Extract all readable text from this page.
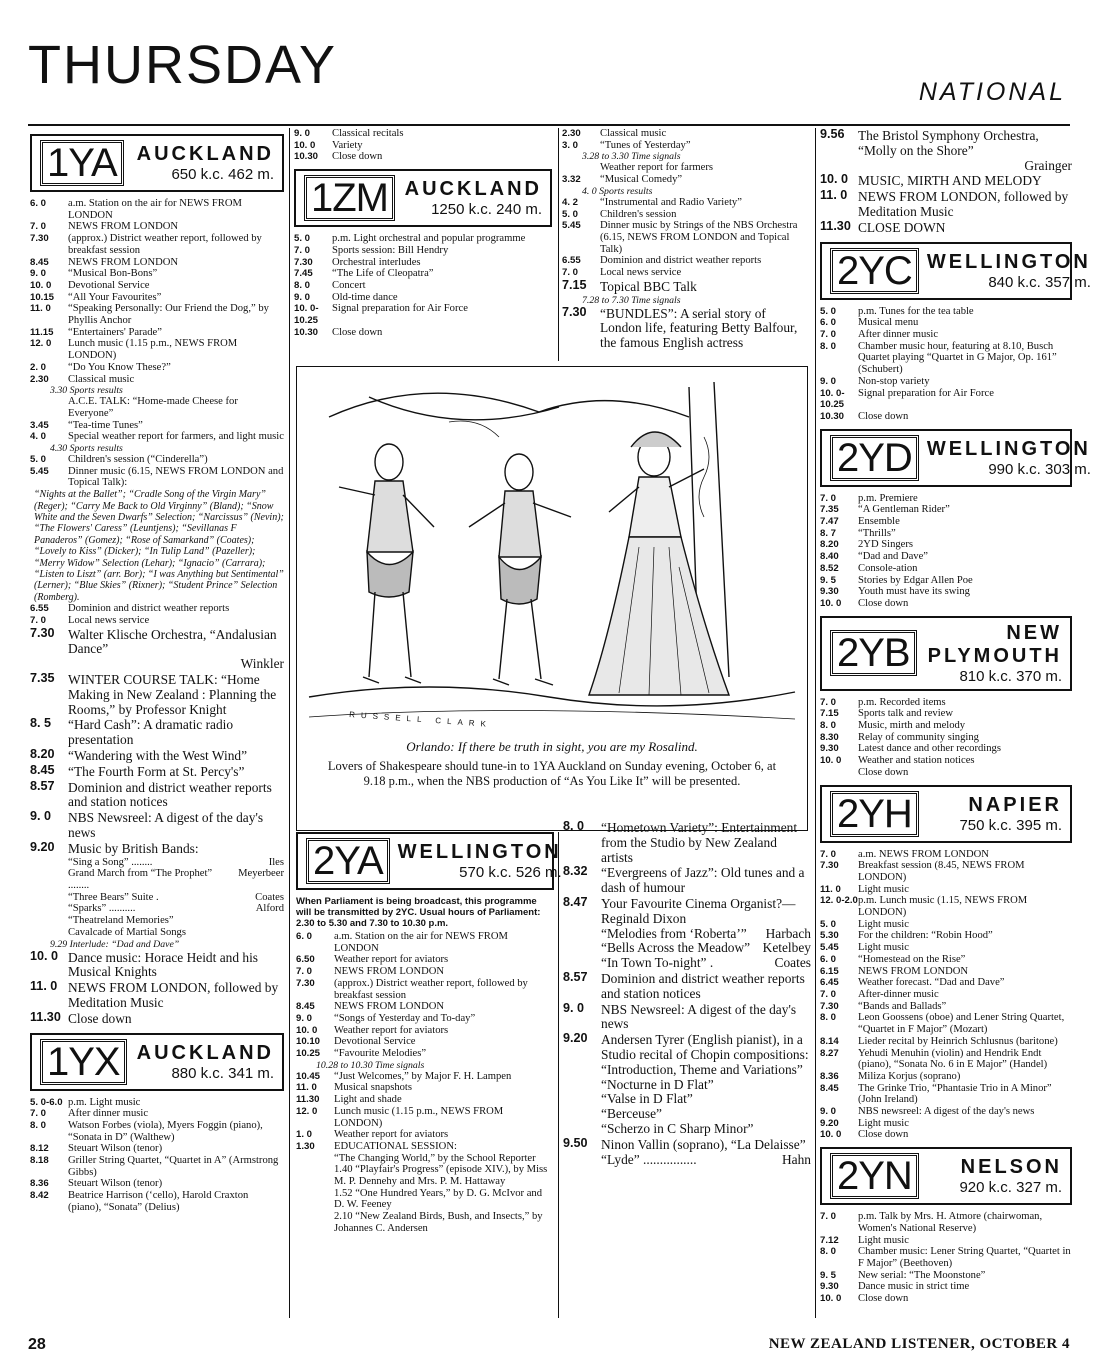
THURSDAY	NATIONAL
1YA	AUCKLAND
650 k.c. 462 m.
6. 0	a.m. Station on the air for NEWS FROM LONDON
7. 0	NEWS FROM LONDON
7.30	(approx.) District weather report, followed by breakfast session
8.45	NEWS FROM LONDON
9. 0	“Musical Bon-Bons”
10. 0	Devotional Service
10.15	“All Your Favourites”
11. 0	“Speaking Personally: Our Friend the Dog,” by Phyllis Anchor
11.15	“Entertainers' Parade”
12. 0	Lunch music (1.15 p.m., NEWS FROM LONDON)
2. 0	“Do You Know These?”
2.30	Classical music
3.30 Sports results
A.C.E. TALK: “Home-made Cheese for Everyone”
3.45	“Tea-time Tunes”
4. 0	Special weather report for farmers, and light music
4.30 Sports results
5. 0	Children's session (“Cinderella”)
5.45	Dinner music (6.15, NEWS FROM LONDON and Topical Talk):
“Nights at the Ballet”; “Cradle Song of the Virgin Mary” (Reger); “Carry Me Back to Old Virginny” (Bland); “Snow White and the Seven Dwarfs” Selection; “Narcissus” (Nevin); “The Flowers' Caress” (Leuntjens); “Sevillanas F Panaderos” (Gomez); “Rose of Samarkand” (Coates); “Lovely to Kiss” (Dicker); “In Tulip Land” (Pazeller); “Merry Widow” Selection (Lehar); “Ignacio” (Carrara); “Listen to Liszt” (arr. Bor); “I was Anything but Sentimental” (Lerner); “Blue Skies” (Rixner); “Student Prince” Selection (Romberg).
6.55	Dominion and district weather reports
7. 0	Local news service
7.30	Walter Klische Orchestra, “Andalusian Dance”
Winkler
7.35	WINTER COURSE TALK: “Home Making in New Zealand : Planning the Rooms,” by Professor Knight
8. 5	“Hard Cash”: A dramatic radio presentation
8.20	“Wandering with the West Wind”
8.45	“The Fourth Form at St. Percy's”
8.57	Dominion and district weather reports and station notices
9. 0	NBS Newsreel: A digest of the day's news
9.20	Music by British Bands:
“Sing a Song” ........	Iles
Grand March from “The Prophet” ........
Meyerbeer
“Three Bears” Suite .	Coates
“Sparks” ..........	Alford
“Theatreland Memories”
Cavalcade of Martial Songs
9.29 Interlude: “Dad and Dave”
10. 0 Dance music: Horace Heidt and his Musical Knights
11. 0 NEWS FROM LONDON, followed by Meditation Music
11.30 Close down
1YX AUCKLAND
880 k.c. 341 m.
5. 0-6.0 p.m. Light music
7. 0	After dinner music
8. 0	Watson Forbes (viola), Myers Foggin (piano), “Sonata in D” (Walthew)
8.12	Steuart Wilson (tenor)
8.18	Griller String Quartet, “Quartet in A” (Armstrong Gibbs)
8.36	Steuart Wilson (tenor)
8.42	Beatrice Harrison (‘cello), Harold Craxton (piano), “Sonata” (Delius)
9. 0	Classical recitals
10. 0	Variety
10.30	Close down
1ZM AUCKLAND
1250 k.c. 240 m.
5. 0	p.m. Light orchestral and popular programme
7. 0	Sports session: Bill Hendry
7.30	Orchestral interludes
7.45	“The Life of Cleopatra”
8. 0	Concert
9. 0	Old-time dance
10. 0-10.25
Signal preparation for Air Force
10.30	Close down
2.30	Classical music
3. 0	“Tunes of Yesterday”
3.28 to 3.30 Time signals
Weather report for farmers
3.32	“Musical Comedy”
4. 0 Sports results
4. 2	“Instrumental and Radio Variety”
5. 0	Children's session
5.45	Dinner music by Strings of the NBS Orchestra (6.15, NEWS FROM LONDON and Topical Talk)
6.55	Dominion and district weather reports
7. 0	Local news service
7.15	Topical BBC Talk
7.28 to 7.30 Time signals
7.30	“BUNDLES”: A serial story of London life, featuring Betty Balfour, the famous English actress
RUSSELL CLARK
Orlando: If there be truth in sight, you are my Rosalind.
Lovers of Shakespeare should tune-in to 1YA Auckland on Sunday evening, October 6, at 9.18 p.m., when the NBS production of “As You Like It” will be presented.
2YA WELLINGTON
570 k.c. 526 m.
When Parliament is being broadcast, this programme will be transmitted by 2YC. Usual hours of Parliament: 2.30 to 5.30 and 7.30 to 10.30 p.m.
6. 0	a.m. Station on the air for NEWS FROM LONDON
6.50	Weather report for aviators
7. 0	NEWS FROM LONDON
7.30	(approx.) District weather report, followed by breakfast session
8.45	NEWS FROM LONDON
9. 0	“Songs of Yesterday and To-day”
10. 0	Weather report for aviators
10.10	Devotional Service
10.25	“Favourite Melodies”
10.28 to 10.30 Time signals
10.45	“Just Welcomes,” by Major F. H. Lampen
11. 0	Musical snapshots
11.30	Light and shade
12. 0	Lunch music (1.15 p.m., NEWS FROM LONDON)
1. 0	Weather report for aviators
1.30	EDUCATIONAL SESSION:
“The Changing World,” by the School Reporter
1.40 “Playfair's Progress” (episode XIV.), by Miss M. P. Dennehy and Mrs. P. M. Hattaway
1.52 “One Hundred Years,” by D. G. McIvor and D. W. Feeney
2.10 “New Zealand Birds, Bush, and Insects,” by Johannes C. Andersen
8. 0	“Hometown Variety”: Entertainment from the Studio by New Zealand artists
8.32	“Evergreens of Jazz”: Old tunes and a dash of humour
8.47	Your Favourite Cinema Organist?—Reginald Dixon
“Melodies from ‘Roberta’” Harbach
“Bells Across the Meadow” Ketelbey
“In Town To-night” .	Coates
8.57	Dominion and district weather reports and station notices
9. 0	NBS Newsreel: A digest of the day's news
9.20	Andersen Tyrer (English pianist), in a Studio recital of Chopin compositions:
“Introduction, Theme and Variations”
“Nocturne in D Flat”
“Valse in D Flat”
“Berceuse”
“Scherzo in C Sharp Minor”
9.50	Ninon Vallin (soprano), “La Delaisse”
“Lyde” ................	Hahn
9.56	The Bristol Symphony Orchestra,
“Molly on the Shore”
Grainger
10. 0 MUSIC, MIRTH AND MELODY
11. 0 NEWS FROM LONDON, followed by Meditation Music
11.30 CLOSE DOWN
2YC WELLINGTON
840 k.c. 357 m.
5. 0	p.m. Tunes for the tea table
6. 0	Musical menu
7. 0	After dinner music
8. 0	Chamber music hour, featuring at 8.10, Busch Quartet playing “Quartet in G Major, Op. 161” (Schubert)
9. 0	Non-stop variety
10. 0-10.25
Signal preparation for Air Force
10.30	Close down
2YD WELLINGTON
990 k.c. 303 m.
7. 0	p.m. Premiere
7.35	“A Gentleman Rider”
7.47	Ensemble
8. 7	“Thrills”
8.20	2YD Singers
8.40	“Dad and Dave”
8.52	Console-ation
9. 5	Stories by Edgar Allen Poe
9.30	Youth must have its swing
10. 0	Close down
2YB	NEW PLYMOUTH
810 k.c. 370 m.
7. 0	p.m. Recorded items
7.15	Sports talk and review
8. 0	Music, mirth and melody
8.30	Relay of community singing
9.30	Latest dance and other recordings
10. 0	Weather and station notices
Close down
2YH	NAPIER
750 k.c. 395 m.
7. 0	a.m. NEWS FROM LONDON
7.30	Breakfast session (8.45, NEWS FROM LONDON)
11. 0	Light music
12. 0-2.0 p.m. Lunch music (1.15, NEWS FROM LONDON)
5. 0	Light music
5.30	For the children: “Robin Hood”
5.45	Light music
6. 0	“Homestead on the Rise”
6.15	NEWS FROM LONDON
6.45	Weather forecast. “Dad and Dave”
7. 0	After-dinner music
7.30	“Bands and Ballads”
8. 0	Leon Goossens (oboe) and Lener String Quartet, “Quartet in F Major” (Mozart)
8.14	Lieder recital by Heinrich Schlusnus (baritone)
8.27	Yehudi Menuhin (violin) and Hendrik Endt (piano), “Sonata No. 6 in E Major” (Handel)
8.36	Miliza Korjus (soprano)
8.45	The Grinke Trio, “Phantasie Trio in A Minor” (John Ireland)
9. 0	NBS newsreel: A digest of the day's news
9.20	Light music
10. 0	Close down
2YN	NELSON
920 k.c. 327 m.
7. 0	p.m. Talk by Mrs. H. Atmore (chairwoman, Women's National Reserve)
7.12	Light music
8. 0	Chamber music: Lener String Quartet, “Quartet in F Major” (Beethoven)
9. 5	New serial: “The Moonstone”
9.30	Dance music in strict time
10. 0	Close down
28	NEW ZEALAND LISTENER, OCTOBER 4
